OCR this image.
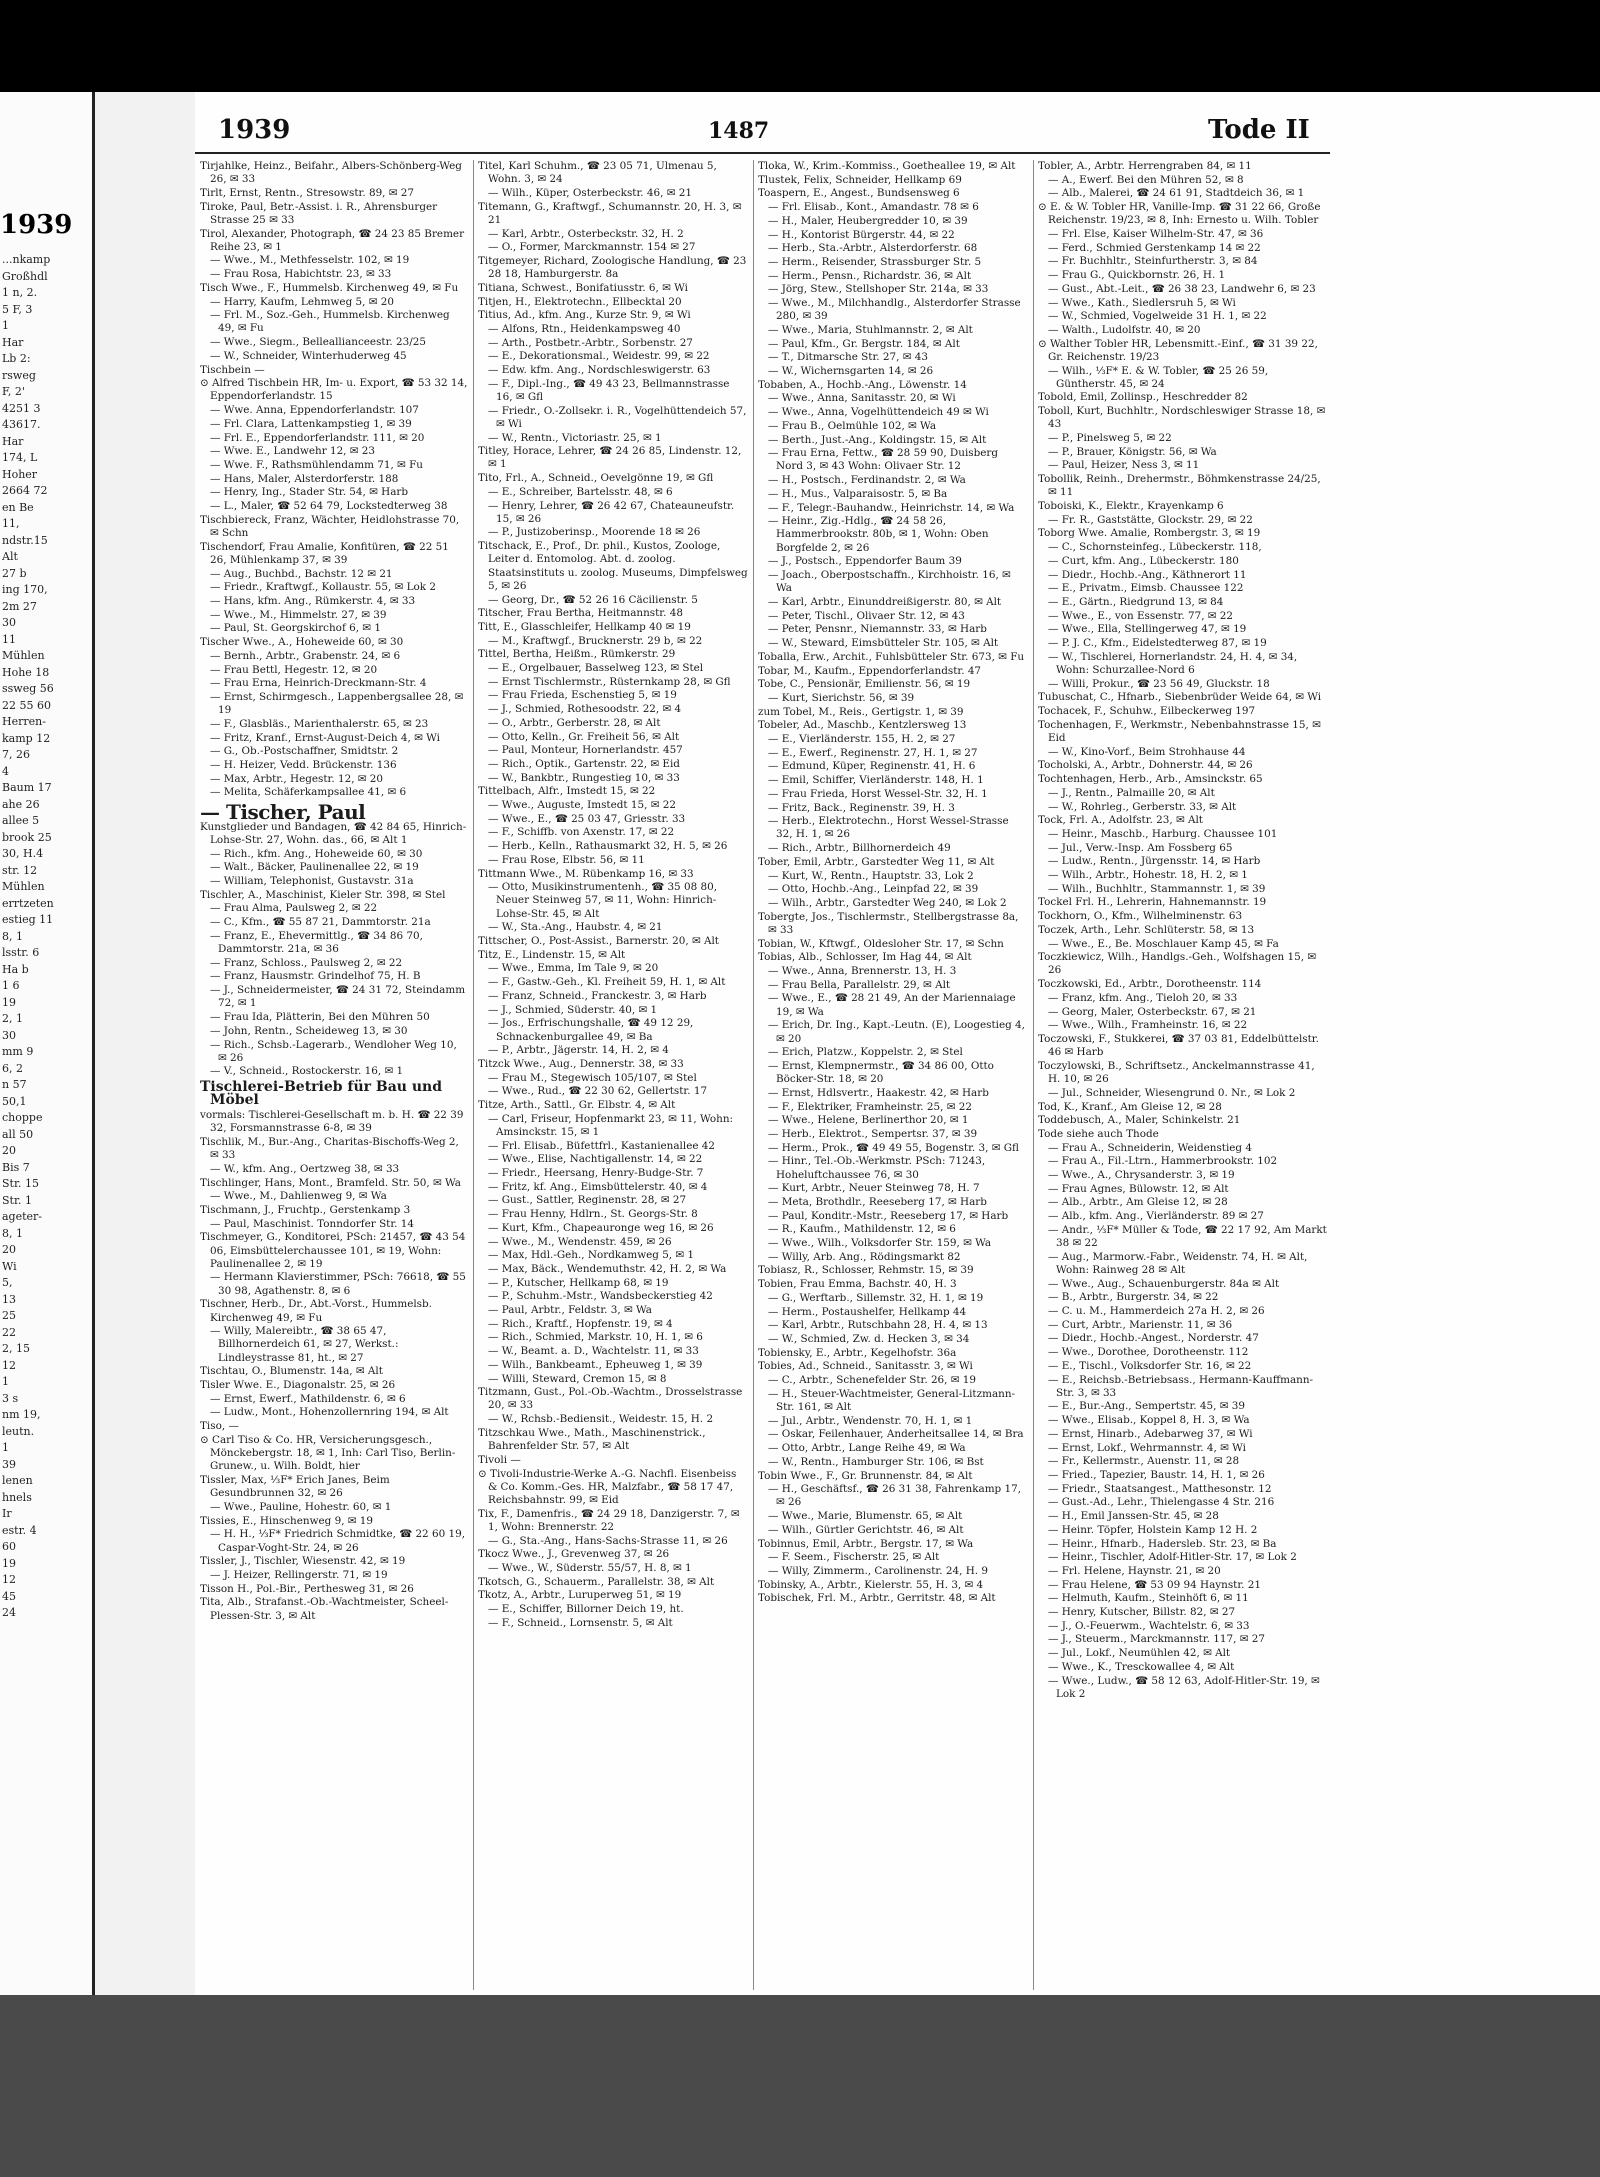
1939
...nkamp
Großhdl
1 n, 2.
5 F, 3
1
Har
Lb 2:
rsweg
F, 2'
4251 3
43617.
Har
174, L
Hoher
2664 72
en Be
11,
ndstr.15
Alt
27 b
ing 170,
2m 27
30
11
Mühlen
Hohe 18
ssweg 56
22 55 60
Herren-
kamp 12
7, 26
4
Baum 17
ahe 26
allee 5
brook 25
30, H.4
str. 12
Mühlen
errtzeten
estieg 11
8, 1
lsstr. 6
Ha b
1 6
19
2, 1
30
mm 9
6, 2
n 57
50,1
choppe
all 50
20
Bis 7
Str. 15
Str. 1
ageter-
8, 1
20
Wi
5,
13
25
22
2, 15
12
1
3 s
nm 19,
leutn.
1
39
lenen
hnels
Ir
estr. 4
60
19
12
45
24
1939	1487	Tode II
Tirjahlke, Heinz., Beifahr., Albers-Schönberg-Weg 26, ✉ 33
Tirlt, Ernst, Rentn., Stresowstr. 89, ✉ 27
Tiroke, Paul, Betr.-Assist. i. R., Ahrensburger Strasse 25 ✉ 33
Tirol, Alexander, Photograph, ☎ 24 23 85 Bremer Reihe 23, ✉ 1
— Wwe., M., Methfesselstr. 102, ✉ 19
— Frau Rosa, Habichtstr. 23, ✉ 33
Tisch Wwe., F., Hummelsb. Kirchenweg 49, ✉ Fu
— Harry, Kaufm, Lehmweg 5, ✉ 20
— Frl. M., Soz.-Geh., Hummelsb. Kirchenweg 49, ✉ Fu
— Wwe., Siegm., Belleallianceestr. 23/25
— W., Schneider, Winterhuderweg 45
Tischbein —
⊙ Alfred Tischbein HR, Im- u. Export, ☎ 53 32 14, Eppendorferlandstr. 15
— Wwe. Anna, Eppendorferlandstr. 107
— Frl. Clara, Lattenkampstieg 1, ✉ 39
— Frl. E., Eppendorferlandstr. 111, ✉ 20
— Wwe. E., Landwehr 12, ✉ 23
— Wwe. F., Rathsmühlendamm 71, ✉ Fu
— Hans, Maler, Alsterdorferstr. 188
— Henry, Ing., Stader Str. 54, ✉ Harb
— L., Maler, ☎ 52 64 79, Lockstedterweg 38
Tischbiereck, Franz, Wächter, Heidlohstrasse 70, ✉ Schn
Tischendorf, Frau Amalie, Konfitüren, ☎ 22 51 26, Mühlenkamp 37, ✉ 39
— Aug., Buchbd., Bachstr. 12 ✉ 21
— Friedr., Kraftwgf., Kollaustr. 55, ✉ Lok 2
— Hans, kfm. Ang., Rümkerstr. 4, ✉ 33
— Wwe., M., Himmelstr. 27, ✉ 39
— Paul, St. Georgskirchof 6, ✉ 1
Tischer Wwe., A., Hoheweide 60, ✉ 30
— Bernh., Arbtr., Grabenstr. 24, ✉ 6
— Frau Bettl, Hegestr. 12, ✉ 20
— Frau Erna, Heinrich-Dreckmann-Str. 4
— Ernst, Schirmgesch., Lappenbergsallee 28, ✉ 19
— F., Glasbläs., Marienthalerstr. 65, ✉ 23
— Fritz, Kranf., Ernst-August-Deich 4, ✉ Wi
— G., Ob.-Postschaffner, Smidtstr. 2
— H. Heizer, Vedd. Brückenstr. 136
— Max, Arbtr., Hegestr. 12, ✉ 20
— Melita, Schäferkampsallee 41, ✉ 6
— Tischer, Paul
Kunstglieder und Bandagen, ☎ 42 84 65, Hinrich-Lohse-Str. 27, Wohn. das., 66, ✉ Alt 1
— Rich., kfm. Ang., Hoheweide 60, ✉ 30
— Walt., Bäcker, Paulinenallee 22, ✉ 19
— William, Telephonist, Gustavstr. 31a
Tischler, A., Maschinist, Kieler Str. 398, ✉ Stel
— Frau Alma, Paulsweg 2, ✉ 22
— C., Kfm., ☎ 55 87 21, Dammtorstr. 21a
— Franz, E., Ehevermittlg., ☎ 34 86 70, Dammtorstr. 21a, ✉ 36
— Franz, Schloss., Paulsweg 2, ✉ 22
— Franz, Hausmstr. Grindelhof 75, H. B
— J., Schneidermeister, ☎ 24 31 72, Steindamm 72, ✉ 1
— Frau Ida, Plätterin, Bei den Mühren 50
— John, Rentn., Scheideweg 13, ✉ 30
— Rich., Schsb.-Lagerarb., Wendloher Weg 10, ✉ 26
— V., Schneid., Rostockerstr. 16, ✉ 1
Tischlerei-Betrieb für Bau und Möbel
vormals: Tischlerei-Gesellschaft m. b. H. ☎ 22 39 32, Forsmannstrasse 6-8, ✉ 39
Tischlik, M., Bur.-Ang., Charitas-Bischoffs-Weg 2, ✉ 33
— W., kfm. Ang., Oertzweg 38, ✉ 33
Tischlinger, Hans, Mont., Bramfeld. Str. 50, ✉ Wa
— Wwe., M., Dahlienweg 9, ✉ Wa
Tischmann, J., Fruchtp., Gerstenkamp 3
— Paul, Maschinist. Tonndorfer Str. 14
Tischmeyer, G., Konditorei, PSch: 21457, ☎ 43 54 06, Eimsbüttelerchaussee 101, ✉ 19, Wohn: Paulinenallee 2, ✉ 19
— Hermann Klavierstimmer, PSch: 76618, ☎ 55 30 98, Agathenstr. 8, ✉ 6
Tischner, Herb., Dr., Abt.-Vorst., Hummelsb. Kirchenweg 49, ✉ Fu
— Willy, Malereibtr., ☎ 38 65 47, Billhornerdeich 61, ✉ 27, Werkst.: Lindleystrasse 81, ht., ✉ 27
Tischtau, O., Blumenstr. 14a, ✉ Alt
Tisler Wwe. E., Diagonalstr. 25, ✉ 26
— Ernst, Ewerf., Mathildenstr. 6, ✉ 6
— Ludw., Mont., Hohenzollernring 194, ✉ Alt
Tiso, —
⊙ Carl Tiso & Co. HR, Versicherungsgesch., Mönckebergstr. 18, ✉ 1, Inh: Carl Tiso, Berlin-Grunew., u. Wilh. Boldt, hier
Tissler, Max, ⅓F* Erich Janes, Beim Gesundbrunnen 32, ✉ 26
— Wwe., Pauline, Hohestr. 60, ✉ 1
Tissies, E., Hinschenweg 9, ✉ 19
— H. H., ⅓F* Friedrich Schmidtke, ☎ 22 60 19, Caspar-Voght-Str. 24, ✉ 26
Tissler, J., Tischler, Wiesenstr. 42, ✉ 19
— J. Heizer, Rellingerstr. 71, ✉ 19
Tisson H., Pol.-Bir., Perthesweg 31, ✉ 26
Tita, Alb., Strafanst.-Ob.-Wachtmeister, Scheel-Plessen-Str. 3, ✉ Alt
Titel, Karl Schuhm., ☎ 23 05 71, Ulmenau 5, Wohn. 3, ✉ 24
— Wilh., Küper, Osterbeckstr. 46, ✉ 21
Titemann, G., Kraftwgf., Schumannstr. 20, H. 3, ✉ 21
— Karl, Arbtr., Osterbeckstr. 32, H. 2
— O., Former, Marckmannstr. 154 ✉ 27
Titgemeyer, Richard, Zoologische Handlung, ☎ 23 28 18, Hamburgerstr. 8a
Titiana, Schwest., Bonifatiusstr. 6, ✉ Wi
Titjen, H., Elektrotechn., Ellbecktal 20
Titius, Ad., kfm. Ang., Kurze Str. 9, ✉ Wi
— Alfons, Rtn., Heidenkampsweg 40
— Arth., Postbetr.-Arbtr., Sorbenstr. 27
— E., Dekorationsmal., Weidestr. 99, ✉ 22
— Edw. kfm. Ang., Nordschleswigerstr. 63
— F., Dipl.-Ing., ☎ 49 43 23, Bellmannstrasse 16, ✉ Gfl
— Friedr., O.-Zollsekr. i. R., Vogelhüttendeich 57, ✉ Wi
— W., Rentn., Victoriastr. 25, ✉ 1
Titley, Horace, Lehrer, ☎ 24 26 85, Lindenstr. 12, ✉ 1
Tito, Frl., A., Schneid., Oevelgönne 19, ✉ Gfl
— E., Schreiber, Bartelsstr. 48, ✉ 6
— Henry, Lehrer, ☎ 26 42 67, Chateauneufstr. 15, ✉ 26
— P., Justizoberinsp., Moorende 18 ✉ 26
Titschack, E., Prof., Dr. phil., Kustos, Zoologe, Leiter d. Entomolog. Abt. d. zoolog. Staatsinstituts u. zoolog. Museums, Dimpfelsweg 5, ✉ 26
— Georg, Dr., ☎ 52 26 16 Cäcilienstr. 5
Titscher, Frau Bertha, Heitmannstr. 48
Titt, E., Glasschleifer, Hellkamp 40 ✉ 19
— M., Kraftwgf., Brucknerstr. 29 b, ✉ 22
Tittel, Bertha, Heißm., Rümkerstr. 29
— E., Orgelbauer, Basselweg 123, ✉ Stel
— Ernst Tischlermstr., Rüsternkamp 28, ✉ Gfl
— Frau Frieda, Eschenstieg 5, ✉ 19
— J., Schmied, Rothesoodstr. 22, ✉ 4
— O., Arbtr., Gerberstr. 28, ✉ Alt
— Otto, Kelln., Gr. Freiheit 56, ✉ Alt
— Paul, Monteur, Hornerlandstr. 457
— Rich., Optik., Gartenstr. 22, ✉ Eid
— W., Bankbtr., Rungestieg 10, ✉ 33
Tittelbach, Alfr., Imstedt 15, ✉ 22
— Wwe., Auguste, Imstedt 15, ✉ 22
— Wwe., E., ☎ 25 03 47, Griesstr. 33
— F., Schiffb. von Axenstr. 17, ✉ 22
— Herb., Kelln., Rathausmarkt 32, H. 5, ✉ 26
— Frau Rose, Elbstr. 56, ✉ 11
Tittmann Wwe., M. Rübenkamp 16, ✉ 33
— Otto, Musikinstrumentenh., ☎ 35 08 80, Neuer Steinweg 57, ✉ 11, Wohn: Hinrich-Lohse-Str. 45, ✉ Alt
— W., Sta.-Ang., Haubstr. 4, ✉ 21
Tittscher, O., Post-Assist., Barnerstr. 20, ✉ Alt
Titz, E., Lindenstr. 15, ✉ Alt
— Wwe., Emma, Im Tale 9, ✉ 20
— F., Gastw.-Geh., Kl. Freiheit 59, H. 1, ✉ Alt
— Franz, Schneid., Franckestr. 3, ✉ Harb
— J., Schmied, Süderstr. 40, ✉ 1
— Jos., Erfrischungshalle, ☎ 49 12 29, Schnackenburgallee 49, ✉ Ba
— P., Arbtr., Jägerstr. 14, H. 2, ✉ 4
Titzck Wwe., Aug., Dennerstr. 38, ✉ 33
— Frau M., Stegewisch 105/107, ✉ Stel
— Wwe., Rud., ☎ 22 30 62, Gellertstr. 17
Titze, Arth., Sattl., Gr. Elbstr. 4, ✉ Alt
— Carl, Friseur, Hopfenmarkt 23, ✉ 11, Wohn: Amsinckstr. 15, ✉ 1
— Frl. Elisab., Büfettfrl., Kastanienallee 42
— Wwe., Elise, Nachtigallenstr. 14, ✉ 22
— Friedr., Heersang, Henry-Budge-Str. 7
— Fritz, kf. Ang., Eimsbüttelerstr. 40, ✉ 4
— Gust., Sattler, Reginenstr. 28, ✉ 27
— Frau Henny, Hdlrn., St. Georgs-Str. 8
— Kurt, Kfm., Chapeauronge weg 16, ✉ 26
— Wwe., M., Wendenstr. 459, ✉ 26
— Max, Hdl.-Geh., Nordkamweg 5, ✉ 1
— Max, Bäck., Wendemuthstr. 42, H. 2, ✉ Wa
— P., Kutscher, Hellkamp 68, ✉ 19
— P., Schuhm.-Mstr., Wandsbeckerstieg 42
— Paul, Arbtr., Feldstr. 3, ✉ Wa
— Rich., Kraftf., Hopfenstr. 19, ✉ 4
— Rich., Schmied, Markstr. 10, H. 1, ✉ 6
— W., Beamt. a. D., Wachtelstr. 11, ✉ 33
— Wilh., Bankbeamt., Epheuweg 1, ✉ 39
— Willi, Steward, Cremon 15, ✉ 8
Titzmann, Gust., Pol.-Ob.-Wachtm., Drosselstrasse 20, ✉ 33
— W., Rchsb.-Bediensit., Weidestr. 15, H. 2
Titzschkau Wwe., Math., Maschinenstrick., Bahrenfelder Str. 57, ✉ Alt
Tivoli —
⊙ Tivoli-Industrie-Werke A.-G. Nachfl. Eisenbeiss & Co. Komm.-Ges. HR, Malzfabr., ☎ 58 17 47, Reichsbahnstr. 99, ✉ Eid
Tix, F., Damenfris., ☎ 24 29 18, Danzigerstr. 7, ✉ 1, Wohn: Brennerstr. 22
— G., Sta.-Ang., Hans-Sachs-Strasse 11, ✉ 26
Tkocz Wwe., J., Grevenweg 37, ✉ 26
— Wwe., W., Süderstr. 55/57, H. 8, ✉ 1
Tkotsch, G., Schauerm., Parallelstr. 38, ✉ Alt
Tkotz, A., Arbtr., Luruperweg 51, ✉ 19
— E., Schiffer, Billorner Deich 19, ht.
— F., Schneid., Lornsenstr. 5, ✉ Alt
Tloka, W., Krim.-Kommiss., Goetheallee 19, ✉ Alt
Tlustek, Felix, Schneider, Hellkamp 69
Toaspern, E., Angest., Bundsensweg 6
— Frl. Elisab., Kont., Amandastr. 78 ✉ 6
— H., Maler, Heubergredder 10, ✉ 39
— H., Kontorist Bürgerstr. 44, ✉ 22
— Herb., Sta.-Arbtr., Alsterdorferstr. 68
— Herm., Reisender, Strassburger Str. 5
— Herm., Pensn., Richardstr. 36, ✉ Alt
— Jörg, Stew., Stellshoper Str. 214a, ✉ 33
— Wwe., M., Milchhandlg., Alsterdorfer Strasse 280, ✉ 39
— Wwe., Maria, Stuhlmannstr. 2, ✉ Alt
— Paul, Kfm., Gr. Bergstr. 184, ✉ Alt
— T., Ditmarsche Str. 27, ✉ 43
— W., Wichernsgarten 14, ✉ 26
Tobaben, A., Hochb.-Ang., Löwenstr. 14
— Wwe., Anna, Sanitasstr. 20, ✉ Wi
— Wwe., Anna, Vogelhüttendeich 49 ✉ Wi
— Frau B., Oelmühle 102, ✉ Wa
— Berth., Just.-Ang., Koldingstr. 15, ✉ Alt
— Frau Erna, Fettw., ☎ 28 59 90, Duisberg Nord 3, ✉ 43 Wohn: Olivaer Str. 12
— H., Postsch., Ferdinandstr. 2, ✉ Wa
— H., Mus., Valparaisostr. 5, ✉ Ba
— F., Telegr.-Bauhandw., Heinrichstr. 14, ✉ Wa
— Heinr., Zig.-Hdlg., ☎ 24 58 26, Hammerbrookstr. 80b, ✉ 1, Wohn: Oben Borgfelde 2, ✉ 26
— J., Postsch., Eppendorfer Baum 39
— Joach., Oberpostschaffn., Kirchhoistr. 16, ✉ Wa
— Karl, Arbtr., Einunddreißigerstr. 80, ✉ Alt
— Peter, Tischl., Olivaer Str. 12, ✉ 43
— Peter, Pensnr., Niemannstr. 33, ✉ Harb
— W., Steward, Eimsbütteler Str. 105, ✉ Alt
Toballa, Erw., Archit., Fuhlsbütteler Str. 673, ✉ Fu
Tobar, M., Kaufm., Eppendorferlandstr. 47
Tobe, C., Pensionär, Emilienstr. 56, ✉ 19
— Kurt, Sierichstr. 56, ✉ 39
zum Tobel, M., Reis., Gertigstr. 1, ✉ 39
Tobeler, Ad., Maschb., Kentzlersweg 13
— E., Vierländerstr. 155, H. 2, ✉ 27
— E., Ewerf., Reginenstr. 27, H. 1, ✉ 27
— Edmund, Küper, Reginenstr. 41, H. 6
— Emil, Schiffer, Vierländerstr. 148, H. 1
— Frau Frieda, Horst Wessel-Str. 32, H. 1
— Fritz, Back., Reginenstr. 39, H. 3
— Herb., Elektrotechn., Horst Wessel-Strasse 32, H. 1, ✉ 26
— Rich., Arbtr., Billhornerdeich 49
Tober, Emil, Arbtr., Garstedter Weg 11, ✉ Alt
— Kurt, W., Rentn., Hauptstr. 33, Lok 2
— Otto, Hochb.-Ang., Leinpfad 22, ✉ 39
— Wilh., Arbtr., Garstedter Weg 240, ✉ Lok 2
Tobergte, Jos., Tischlermstr., Stellbergstrasse 8a, ✉ 33
Tobian, W., Kftwgf., Oldesloher Str. 17, ✉ Schn
Tobias, Alb., Schlosser, Im Hag 44, ✉ Alt
— Wwe., Anna, Brennerstr. 13, H. 3
— Frau Bella, Parallelstr. 29, ✉ Alt
— Wwe., E., ☎ 28 21 49, An der Mariennaiage 19, ✉ Wa
— Erich, Dr. Ing., Kapt.-Leutn. (E), Loogestieg 4, ✉ 20
— Erich, Platzw., Koppelstr. 2, ✉ Stel
— Ernst, Klempnermstr., ☎ 34 86 00, Otto Böcker-Str. 18, ✉ 20
— Ernst, Hdlsvertr., Haakestr. 42, ✉ Harb
— F., Elektriker, Framheinstr. 25, ✉ 22
— Wwe., Helene, Berlinerthor 20, ✉ 1
— Herb., Elektrot., Sempertsr. 37, ✉ 39
— Herm., Prok., ☎ 49 49 55, Bogenstr. 3, ✉ Gfl
— Hinr., Tel.-Ob.-Werkmstr. PSch: 71243, Hoheluftchaussee 76, ✉ 30
— Kurt, Arbtr., Neuer Steinweg 78, H. 7
— Meta, Brothdlr., Reeseberg 17, ✉ Harb
— Paul, Konditr.-Mstr., Reeseberg 17, ✉ Harb
— R., Kaufm., Mathildenstr. 12, ✉ 6
— Wwe., Wilh., Volksdorfer Str. 159, ✉ Wa
— Willy, Arb. Ang., Rödingsmarkt 82
Tobiasz, R., Schlosser, Rehmstr. 15, ✉ 39
Tobien, Frau Emma, Bachstr. 40, H. 3
— G., Werftarb., Sillemstr. 32, H. 1, ✉ 19
— Herm., Postaushelfer, Hellkamp 44
— Karl, Arbtr., Rutschbahn 28, H. 4, ✉ 13
— W., Schmied, Zw. d. Hecken 3, ✉ 34
Tobiensky, E., Arbtr., Kegelhofstr. 36a
Tobies, Ad., Schneid., Sanitasstr. 3, ✉ Wi
— C., Arbtr., Schenefelder Str. 26, ✉ 19
— H., Steuer-Wachtmeister, General-Litzmann-Str. 161, ✉ Alt
— Jul., Arbtr., Wendenstr. 70, H. 1, ✉ 1
— Oskar, Feilenhauer, Anderheitsallee 14, ✉ Bra
— Otto, Arbtr., Lange Reihe 49, ✉ Wa
— W., Rentn., Hamburger Str. 106, ✉ Bst
Tobin Wwe., F., Gr. Brunnenstr. 84, ✉ Alt
— H., Geschäftsf., ☎ 26 31 38, Fahrenkamp 17, ✉ 26
— Wwe., Marie, Blumenstr. 65, ✉ Alt
— Wilh., Gürtler Gerichtstr. 46, ✉ Alt
Tobinnus, Emil, Arbtr., Bergstr. 17, ✉ Wa
— F. Seem., Fischerstr. 25, ✉ Alt
— Willy, Zimmerm., Carolinenstr. 24, H. 9
Tobinsky, A., Arbtr., Kielerstr. 55, H. 3, ✉ 4
Tobischek, Frl. M., Arbtr., Gerritstr. 48, ✉ Alt
Tobler, A., Arbtr. Herrengraben 84, ✉ 11
— A., Ewerf. Bei den Mühren 52, ✉ 8
— Alb., Malerei, ☎ 24 61 91, Stadtdeich 36, ✉ 1
⊙ E. & W. Tobler HR, Vanille-Imp. ☎ 31 22 66, Große Reichenstr. 19/23, ✉ 8, Inh: Ernesto u. Wilh. Tobler
— Frl. Else, Kaiser Wilhelm-Str. 47, ✉ 36
— Ferd., Schmied Gerstenkamp 14 ✉ 22
— Fr. Buchhltr., Steinfurtherstr. 3, ✉ 84
— Frau G., Quickbornstr. 26, H. 1
— Gust., Abt.-Leit., ☎ 26 38 23, Landwehr 6, ✉ 23
— Wwe., Kath., Siedlersruh 5, ✉ Wi
— W., Schmied, Vogelweide 31 H. 1, ✉ 22
— Walth., Ludolfstr. 40, ✉ 20
⊙ Walther Tobler HR, Lebensmitt.-Einf., ☎ 31 39 22, Gr. Reichenstr. 19/23
— Wilh., ⅓F* E. & W. Tobler, ☎ 25 26 59, Güntherstr. 45, ✉ 24
Tobold, Emil, Zollinsp., Heschredder 82
Toboll, Kurt, Buchhltr., Nordschleswiger Strasse 18, ✉ 43
— P., Pinelsweg 5, ✉ 22
— P., Brauer, Königstr. 56, ✉ Wa
— Paul, Heizer, Ness 3, ✉ 11
Tobollik, Reinh., Drehermstr., Böhmkenstrasse 24/25, ✉ 11
Toboiski, K., Elektr., Krayenkamp 6
— Fr. R., Gaststätte, Glockstr. 29, ✉ 22
Toborg Wwe. Amalie, Rombergstr. 3, ✉ 19
— C., Schornsteinfeg., Lübeckerstr. 118,
— Curt, kfm. Ang., Lübeckerstr. 180
— Diedr., Hochb.-Ang., Käthnerort 11
— E., Privatm., Eimsb. Chaussee 122
— E., Gärtn., Riedgrund 13, ✉ 84
— Wwe., E., von Essenstr. 77, ✉ 22
— Wwe., Ella, Stellingerweg 47, ✉ 19
— P. J. C., Kfm., Eidelstedterweg 87, ✉ 19
— W., Tischlerei, Hornerlandstr. 24, H. 4, ✉ 34, Wohn: Schurzallee-Nord 6
— Willi, Prokur., ☎ 23 56 49, Gluckstr. 18
Tubuschat, C., Hfnarb., Siebenbrüder Weide 64, ✉ Wi
Tochacek, F., Schuhw., Eilbeckerweg 197
Tochenhagen, F., Werkmstr., Nebenbahnstrasse 15, ✉ Eid
— W., Kino-Vorf., Beim Strohhause 44
Tocholski, A., Arbtr., Dohnerstr. 44, ✉ 26
Tochtenhagen, Herb., Arb., Amsinckstr. 65
— J., Rentn., Palmaille 20, ✉ Alt
— W., Rohrleg., Gerberstr. 33, ✉ Alt
Tock, Frl. A., Adolfstr. 23, ✉ Alt
— Heinr., Maschb., Harburg. Chaussee 101
— Jul., Verw.-Insp. Am Fossberg 65
— Ludw., Rentn., Jürgensstr. 14, ✉ Harb
— Wilh., Arbtr., Hohestr. 18, H. 2, ✉ 1
— Wilh., Buchhltr., Stammannstr. 1, ✉ 39
Tockel Frl. H., Lehrerin, Hahnemannstr. 19
Tockhorn, O., Kfm., Wilhelminenstr. 63
Toczek, Arth., Lehr. Schlüterstr. 58, ✉ 13
— Wwe., E., Be. Moschlauer Kamp 45, ✉ Fa
Toczkiewicz, Wilh., Handlgs.-Geh., Wolfshagen 15, ✉ 26
Toczkowski, Ed., Arbtr., Dorotheenstr. 114
— Franz, kfm. Ang., Tieloh 20, ✉ 33
— Georg, Maler, Osterbeckstr. 67, ✉ 21
— Wwe., Wilh., Framheinstr. 16, ✉ 22
Toczowski, F., Stukkerei, ☎ 37 03 81, Eddelbüttelstr. 46 ✉ Harb
Toczylowski, B., Schriftsetz., Anckelmannstrasse 41, H. 10, ✉ 26
— Jul., Schneider, Wiesengrund 0. Nr., ✉ Lok 2
Tod, K., Kranf., Am Gleise 12, ✉ 28
Toddebusch, A., Maler, Schinkelstr. 21
Tode siehe auch Thode
— Frau A., Schneiderin, Weidenstieg 4
— Frau A., Fil.-Ltrn., Hammerbrookstr. 102
— Wwe., A., Chrysanderstr. 3, ✉ 19
— Frau Agnes, Bülowstr. 12, ✉ Alt
— Alb., Arbtr., Am Gleise 12, ✉ 28
— Alb., kfm. Ang., Vierländerstr. 89 ✉ 27
— Andr., ⅓F* Müller & Tode, ☎ 22 17 92, Am Markt 38 ✉ 22
— Aug., Marmorw.-Fabr., Weidenstr. 74, H. ✉ Alt, Wohn: Rainweg 28 ✉ Alt
— Wwe., Aug., Schauenburgerstr. 84a ✉ Alt
— B., Arbtr., Burgerstr. 34, ✉ 22
— C. u. M., Hammerdeich 27a H. 2, ✉ 26
— Curt, Arbtr., Marienstr. 11, ✉ 36
— Diedr., Hochb.-Angest., Norderstr. 47
— Wwe., Dorothee, Dorotheenstr. 112
— E., Tischl., Volksdorfer Str. 16, ✉ 22
— E., Reichsb.-Betriebsass., Hermann-Kauffmann-Str. 3, ✉ 33
— E., Bur.-Ang., Sempertstr. 45, ✉ 39
— Wwe., Elisab., Koppel 8, H. 3, ✉ Wa
— Ernst, Hinarb., Adebarweg 37, ✉ Wi
— Ernst, Lokf., Wehrmannstr. 4, ✉ Wi
— Fr., Kellermstr., Auenstr. 11, ✉ 28
— Fried., Tapezier, Baustr. 14, H. 1, ✉ 26
— Friedr., Staatsangest., Matthesonstr. 12
— Gust.-Ad., Lehr., Thielengasse 4 Str. 216
— H., Emil Janssen-Str. 45, ✉ 28
— Heinr. Töpfer, Holstein Kamp 12 H. 2
— Heinr., Hfnarb., Hadersleb. Str. 23, ✉ Ba
— Heinr., Tischler, Adolf-Hitler-Str. 17, ✉ Lok 2
— Frl. Helene, Haynstr. 21, ✉ 20
— Frau Helene, ☎ 53 09 94 Haynstr. 21
— Helmuth, Kaufm., Steinhöft 6, ✉ 11
— Henry, Kutscher, Billstr. 82, ✉ 27
— J., O.-Feuerwm., Wachtelstr. 6, ✉ 33
— J., Steuerm., Marckmannstr. 117, ✉ 27
— Jul., Lokf., Neumühlen 42, ✉ Alt
— Wwe., K., Tresckowallee 4, ✉ Alt
— Wwe., Ludw., ☎ 58 12 63, Adolf-Hitler-Str. 19, ✉ Lok 2
